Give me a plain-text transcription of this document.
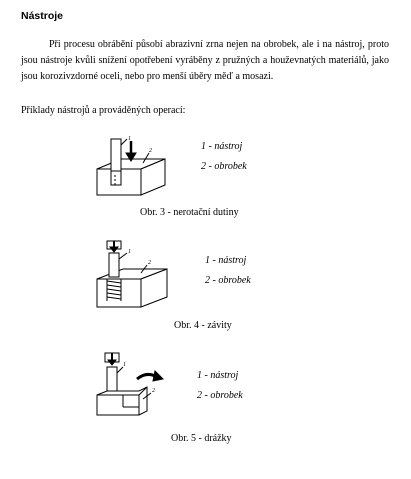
Nástroje

Při procesu obrábění působí abrazivní zrna nejen na obrobek, ale i na nástroj, proto jsou nástroje kvůli snížení opotřebení vyráběny z pružných a houževnatých materiálů, jako jsou korozivzdorné oceli, nebo pro menší úběry měď a mosazi.

Příklady nástrojů a prováděných operací:
1
2	1 - nástroj
2 - obrobek
Obr. 3 - nerotační dutiny
1
2	1 - nástroj
2 - obrobek
Obr. 4 - závity
1
2
1 - nástroj
2 - obrobek
Obr. 5 - drážky
